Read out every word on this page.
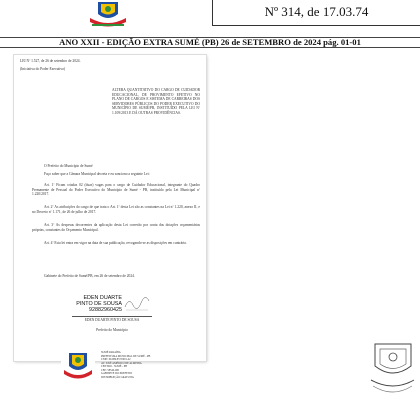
Nº 314, de 17.03.74
ANO XXII - EDIÇÃO EXTRA SUMÉ (PB) 26 de SETEMBRO de 2024 pág. 01-01
LEI Nº 1.527, de 26 de setembro de 2024.
(Iniciativa do Poder Executivo)
ALTERA QUANTITATIVO DO CARGO DE CUIDADOR EDUCACIONAL, DE PROVIMENTO EFETIVO NO PLANO DE CARGOS E SISTEMA DE CARREIRAS DOS SERVIDORES PÚBLICOS DO PODER EXECUTIVO DO MUNICÍPIO DE SUMÉ/PB, INSTITUÍDO PELA LEI Nº 1.109/2013 E DÁ OUTRAS PROVIDÊNCIAS.
O Prefeito do Município de Sumé
Faço saber que a Câmara Municipal decreta e eu sanciono a seguinte Lei:
Art. 1º Ficam criadas 02 (duas) vagas para o cargo de Cuidador Educacional, integrante do Quadro Permanente de Pessoal do Poder Executivo do Município de Sumé - PB, instituído pela Lei Municipal nº 1.220/2017.
Art. 2º As atribuições do cargo de que trata o Art. 1º desta Lei são as constantes na Lei nº 1.220, anexo II, e no Decreto nº 1.171, de 26 de julho de 2017.
Art. 3º As despesas decorrentes da aplicação desta Lei correrão por conta das dotações orçamentárias próprias, constantes do Orçamento Municipal.
Art. 4º Esta lei entra em vigor na data de sua publicação, revogando-se as disposições em contrário.
Gabinete do Prefeito de Sumé/PB, em 26 de setembro de 2024.
EDEN DUARTE
PINTO DE SOUSA
92882960425
EDEN DUARTE PINTO DE SOUSA
Prefeito do Município
SUMÉ PARAÍBA
PREFEITURA MUNICIPAL DE SUMÉ - PB
CNPJ: 09.089.857/0001-42
AV. JOSÉ AMÉRICO DE ALMEIDA
CENTRO - SUMÉ - PB
CEP: 58540-000
GABINETE DO PREFEITO
DISTRIBUIÇÃO GRATUITA
